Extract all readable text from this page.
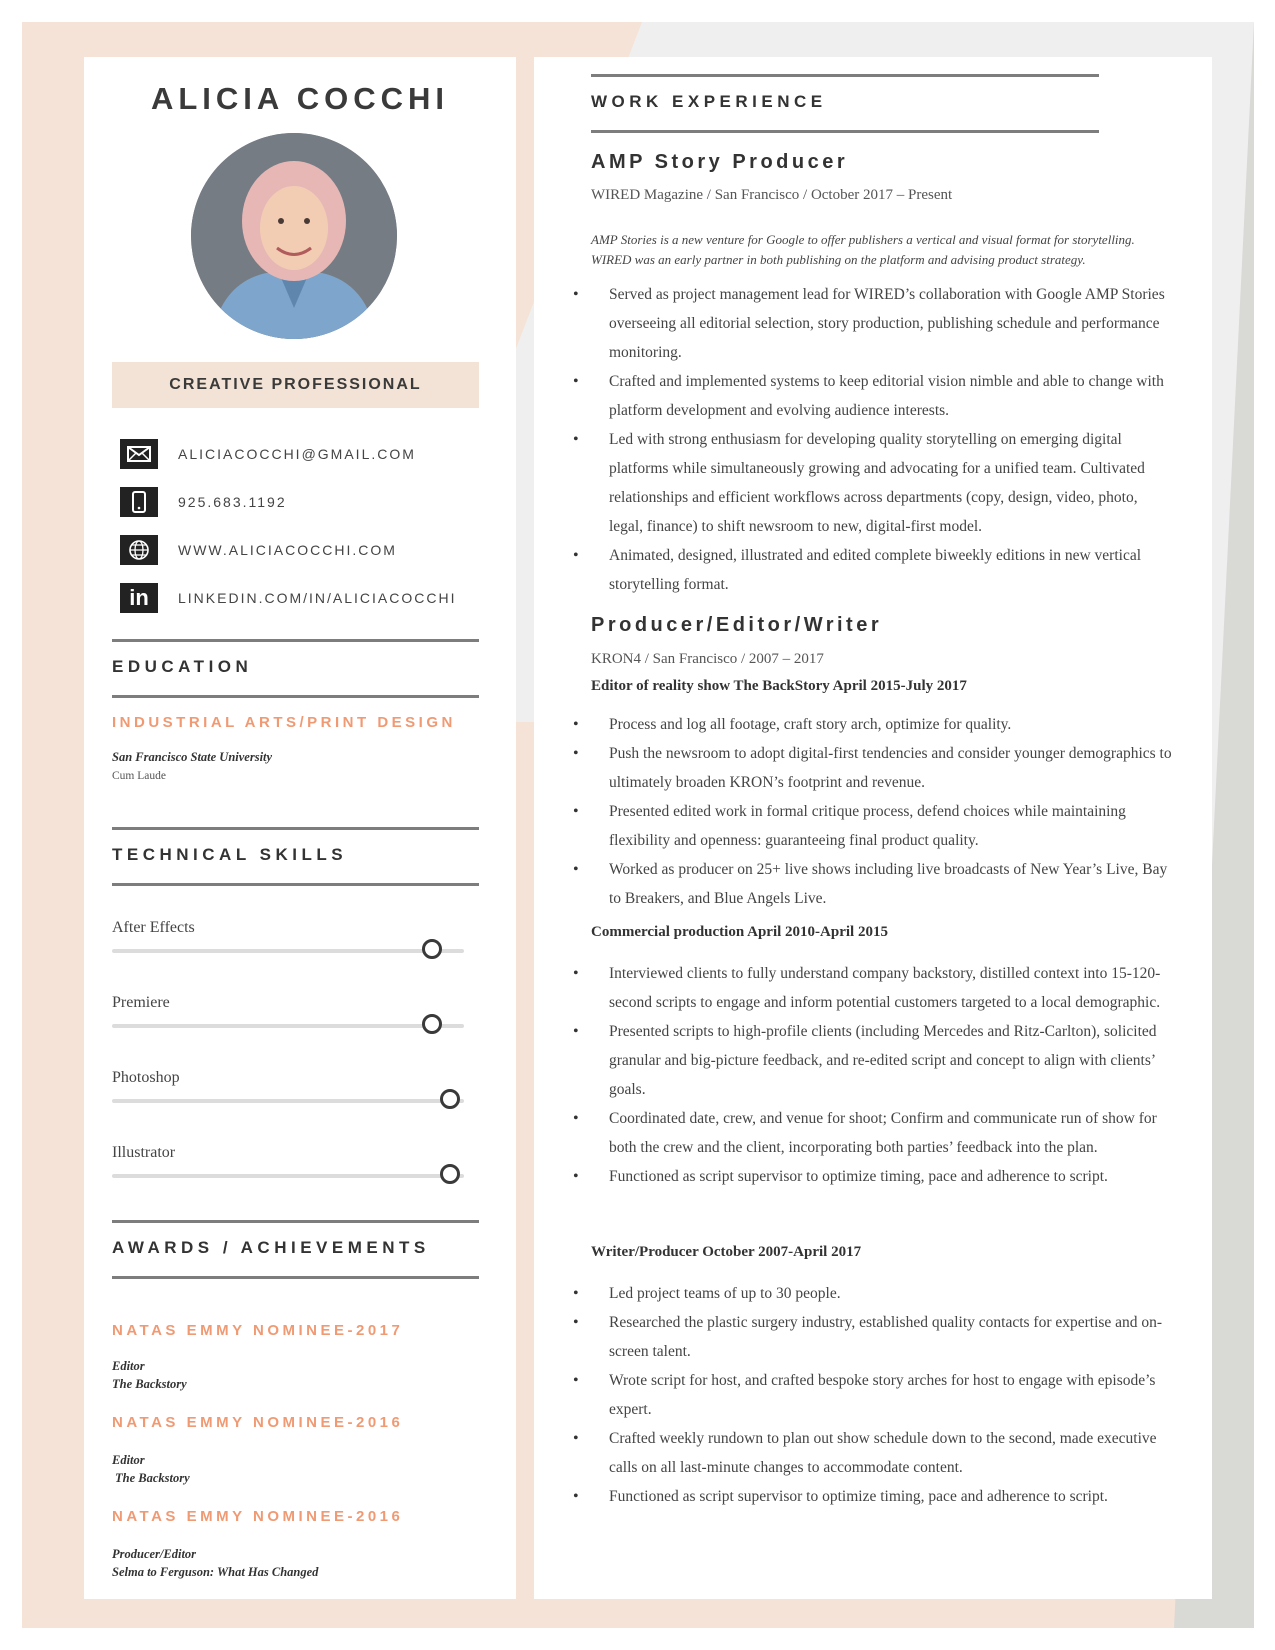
ALICIA COCCHI
CREATIVE PROFESSIONAL
ALICIACOCCHI@GMAIL.COM
925.683.1192
WWW.ALICIACOCCHI.COM
in LINKEDIN.COM/IN/ALICIACOCCHI
EDUCATION
INDUSTRIAL ARTS/PRINT DESIGN
San Francisco State University
Cum Laude
TECHNICAL SKILLS
After Effects
Premiere
Photoshop
Illustrator
AWARDS / ACHIEVEMENTS
NATAS EMMY NOMINEE-2017
Editor
The Backstory
NATAS EMMY NOMINEE-2016
Editor
The Backstory
NATAS EMMY NOMINEE-2016
Producer/Editor
Selma to Ferguson: What Has Changed
WORK EXPERIENCE
AMP Story Producer
WIRED Magazine / San Francisco / October 2017 – Present
AMP Stories is a new venture for Google to offer publishers a vertical and visual format for storytelling.
WIRED was an early partner in both publishing on the platform and advising product strategy.
• Served as project management lead for WIRED’s collaboration with Google AMP Stories overseeing all editorial selection, story production, publishing schedule and performance monitoring.
• Crafted and implemented systems to keep editorial vision nimble and able to change with platform development and evolving audience interests.
• Led with strong enthusiasm for developing quality storytelling on emerging digital platforms while simultaneously growing and advocating for a unified team. Cultivated relationships and efficient workflows across departments (copy, design, video, photo, legal, finance) to shift newsroom to new, digital-first model.
• Animated, designed, illustrated and edited complete biweekly editions in new vertical storytelling format.
Producer/Editor/Writer
KRON4 / San Francisco / 2007 – 2017
Editor of reality show The BackStory April 2015-July 2017
• Process and log all footage, craft story arch, optimize for quality.
• Push the newsroom to adopt digital-first tendencies and consider younger demographics to ultimately broaden KRON’s footprint and revenue.
• Presented edited work in formal critique process, defend choices while maintaining flexibility and openness: guaranteeing final product quality.
• Worked as producer on 25+ live shows including live broadcasts of New Year’s Live, Bay to Breakers, and Blue Angels Live.
Commercial production April 2010-April 2015
• Interviewed clients to fully understand company backstory, distilled context into 15-120-second scripts to engage and inform potential customers targeted to a local demographic.
• Presented scripts to high-profile clients (including Mercedes and Ritz-Carlton), solicited granular and big-picture feedback, and re-edited script and concept to align with clients’ goals.
• Coordinated date, crew, and venue for shoot; Confirm and communicate run of show for both the crew and the client, incorporating both parties’ feedback into the plan.
• Functioned as script supervisor to optimize timing, pace and adherence to script.
Writer/Producer October 2007-April 2017
• Led project teams of up to 30 people.
• Researched the plastic surgery industry, established quality contacts for expertise and on-screen talent.
• Wrote script for host, and crafted bespoke story arches for host to engage with episode’s expert.
• Crafted weekly rundown to plan out show schedule down to the second, made executive calls on all last-minute changes to accommodate content.
• Functioned as script supervisor to optimize timing, pace and adherence to script.
